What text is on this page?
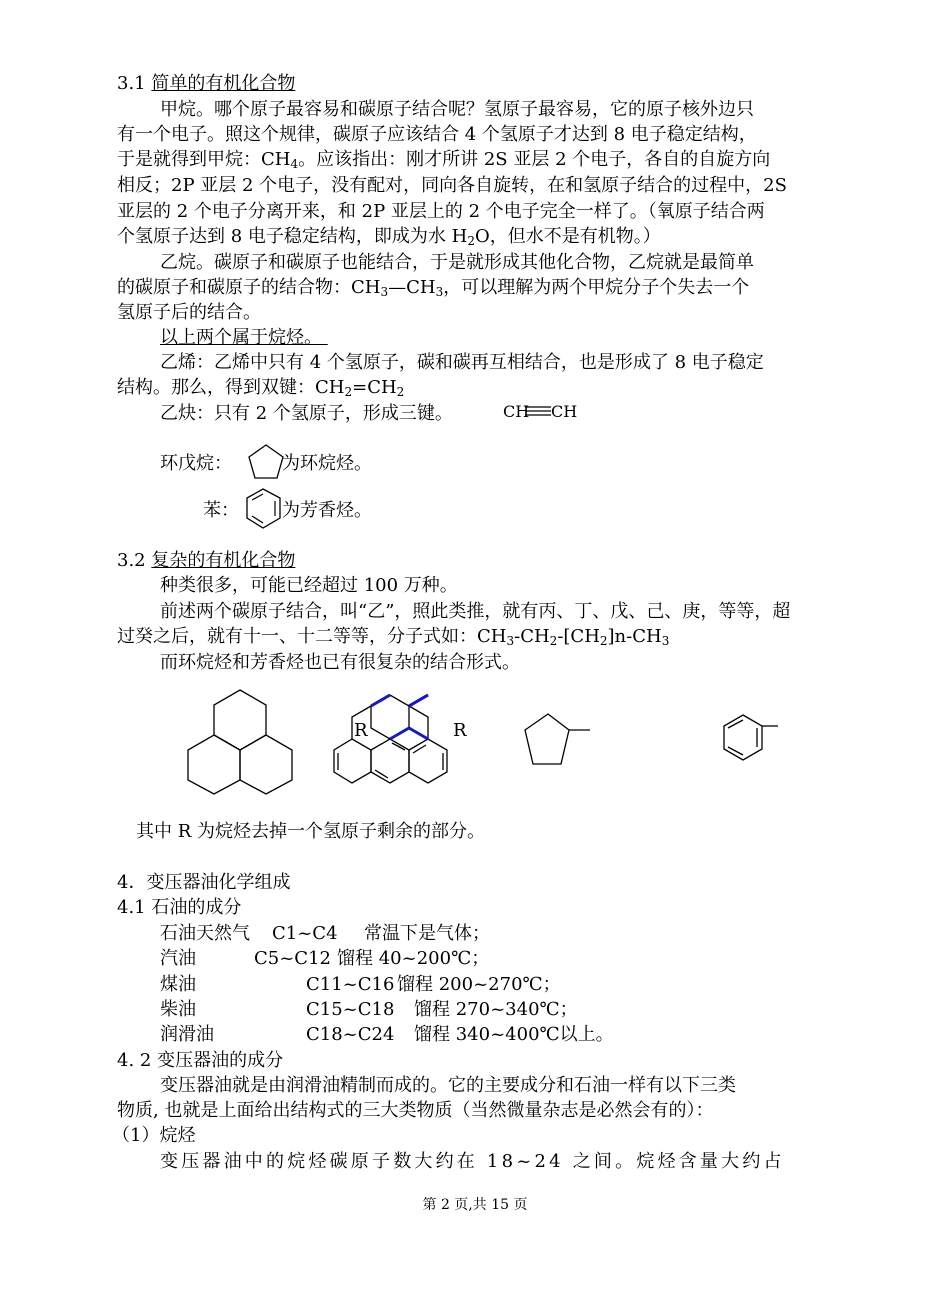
3.1 简单的有机化合物
甲烷。哪个原子最容易和碳原子结合呢？氢原子最容易，它的原子核外边只
有一个电子。照这个规律，碳原子应该结合 4 个氢原子才达到 8 电子稳定结构，
于是就得到甲烷：$CH_4$。应该指出：刚才所讲 2S 亚层 2 个电子，各自的自旋方向
相反；2P 亚层 2 个电子，没有配对，同向各自旋转，在和氢原子结合的过程中，2S
亚层的 2 个电子分离开来，和 2P 亚层上的 2 个电子完全一样了。（氧原子结合两
个氢原子达到 8 电子稳定结构，即成为水 $H_2O$，但水不是有机物。）
乙烷。碳原子和碳原子也能结合，于是就形成其他化合物，乙烷就是最简单
的碳原子和碳原子的结合物：$CH_3—CH_3$，可以理解为两个甲烷分子个失去一个
氢原子后的结合。
以上两个属于烷烃。
乙烯：乙烯中只有 4 个氢原子，碳和碳再互相结合，也是形成了 8 电子稳定
结构。那么，得到双键：$CH_2=CH_2$
乙炔：只有 2 个氢原子，形成三键。	CH CH
环戊烷：	为环烷烃。
苯：	为芳香烃。
3.2 复杂的有机化合物
种类很多，可能已经超过 100 万种。
前述两个碳原子结合，叫“乙”，照此类推，就有丙、丁、戊、己、庚，等等，超
过癸之后，就有十一、十二等等，分子式如：$CH_3-CH_2-[CH_2]n-CH_3$
而环烷烃和芳香烃也已有很复杂的结合形式。
R	R
其中 R 为烷烃去掉一个氢原子剩余的部分。
4．变压器油化学组成
4.1 石油的成分
石油天然气	C1~C4	常温下是气体；
汽油	C5~C12 馏程 40~200℃；
煤油	C11~C16 馏程 200~270℃；
柴油	C15~C18 馏程 270~340℃；
润滑油	C18~C24 馏程 340~400℃以上。
4. 2 变压器油的成分
变压器油就是由润滑油精制而成的。它的主要成分和石油一样有以下三类
物质, 也就是上面给出结构式的三大类物质（当然微量杂志是必然会有的）：
（1）烷烃
变压器油中的烷烃碳原子数大约在 18~24 之间。烷烃含量大约占
第 2 页,共 15 页
